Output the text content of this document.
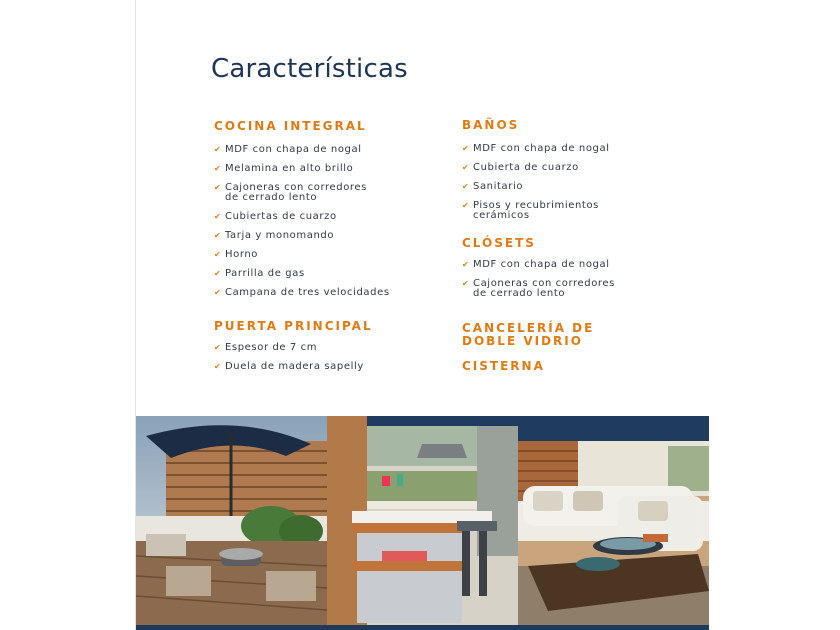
Características
COCINA INTEGRAL
✔ MDF con chapa de nogal
✔ Melamina en alto brillo
✔ Cajoneras con corredores
de cerrado lento
✔ Cubiertas de cuarzo
✔ Tarja y monomando
✔ Horno
✔ Parrilla de gas
✔ Campana de tres velocidades
PUERTA PRINCIPAL
✔ Espesor de 7 cm
✔ Duela de madera sapelly
BAÑOS
✔ MDF con chapa de nogal
✔ Cubierta de cuarzo
✔ Sanitario
✔ Pisos y recubrimientos
cerámicos
CLÓSETS
✔ MDF con chapa de nogal
✔ Cajoneras con corredores
de cerrado lento
CANCELERÍA DE
DOBLE VIDRIO
CISTERNA
